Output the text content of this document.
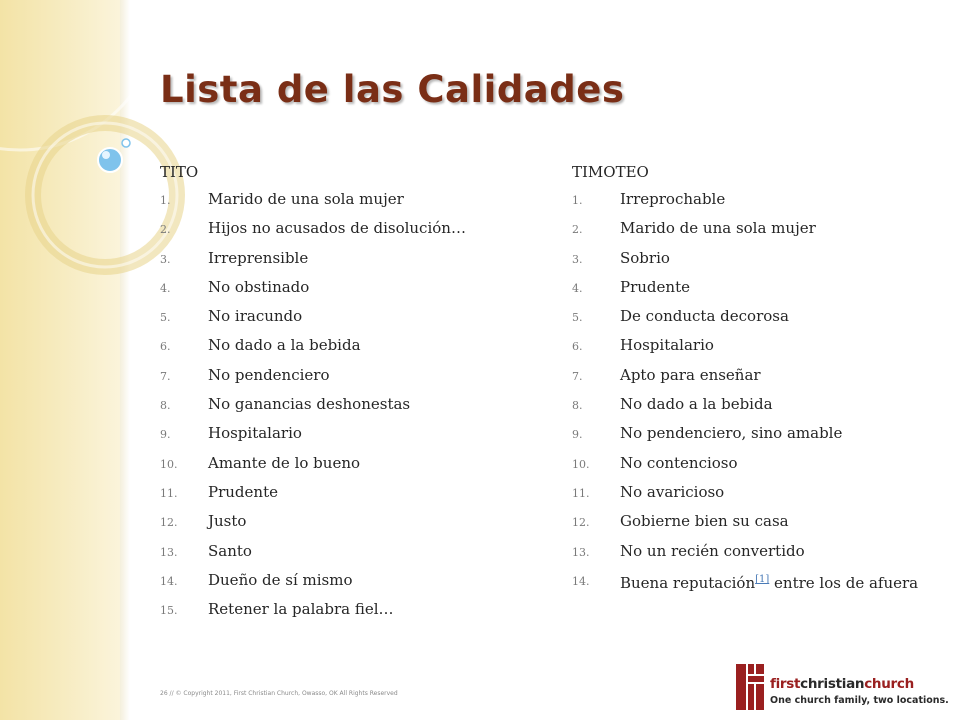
Lista de las Calidades
TITO
1.	Marido de una sola mujer
2.	Hijos no acusados de disolución…
3.	Irreprensible
4.	No obstinado
5.	No iracundo
6.	No dado a la bebida
7.	No pendenciero
8.	No ganancias deshonestas
9.	Hospitalario
10.	Amante de lo bueno
11.	Prudente
12.	Justo
13.	Santo
14.	Dueño de sí mismo
15.	Retener la palabra fiel…
TIMOTEO
1.	Irreprochable
2.	Marido de una sola mujer
3.	Sobrio
4.	Prudente
5.	De conducta decorosa
6.	Hospitalario
7.	Apto para enseñar
8.	No dado a la bebida
9.	No pendenciero, sino amable
10.	No contencioso
11.	No avaricioso
12.	Gobierne bien su casa
13.	No un recién convertido
14.	Buena reputación[1] entre los de afuera
26 // © Copyright 2011, First Christian Church, Owasso, OK All Rights Reserved
firstchristianchurch
One church family, two locations.
